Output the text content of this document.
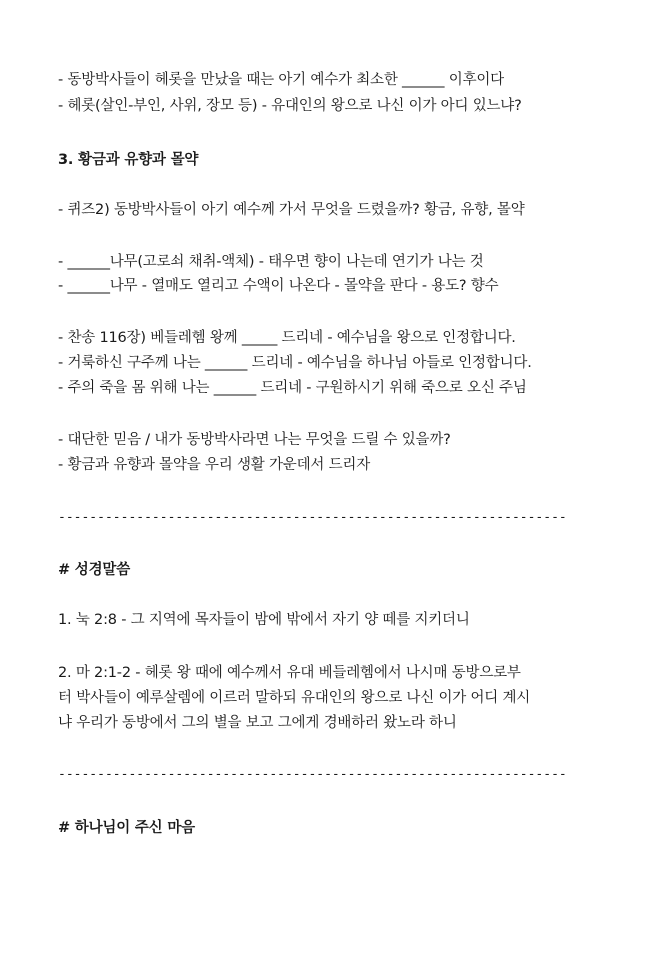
- 동방박사들이 헤롯을 만났을 때는 아기 예수가 최소한 ______ 이후이다
- 헤롯(살인-부인, 사위, 장모 등) - 유대인의 왕으로 나신 이가 아디 있느냐?
3. 황금과 유향과 몰약
- 퀴즈2) 동방박사들이 아기 예수께 가서 무엇을 드렸을까? 황금, 유향, 몰약
- ______나무(고로쇠 채취-액체) - 태우면 향이 나는데 연기가 나는 것
- ______나무 - 열매도 열리고 수액이 나온다 - 몰약을 판다 - 용도? 향수
- 찬송 116장) 베들레헴 왕께 _____ 드리네 - 예수님을 왕으로 인정합니다.
- 거룩하신 구주께 나는 ______ 드리네 - 예수님을 하나님 아들로 인정합니다.
- 주의 죽을 몸 위해 나는 ______ 드리네 - 구원하시기 위해 죽으로 오신 주님
- 대단한 믿음 / 내가 동방박사라면 나는 무엇을 드릴 수 있을까?
- 황금과 유향과 몰약을 우리 생활 가운데서 드리자
-----------------------------------------------------------------
# 성경말씀
1. 눅 2:8 - 그 지역에 목자들이 밤에 밖에서 자기 양 떼를 지키더니
2. 마 2:1-2 - 헤롯 왕 때에 예수께서 유대 베들레헴에서 나시매 동방으로부
터 박사들이 예루살렘에 이르러 말하되 유대인의 왕으로 나신 이가 어디 계시
냐 우리가 동방에서 그의 별을 보고 그에게 경배하러 왔노라 하니
-----------------------------------------------------------------
# 하나님이 주신 마음
